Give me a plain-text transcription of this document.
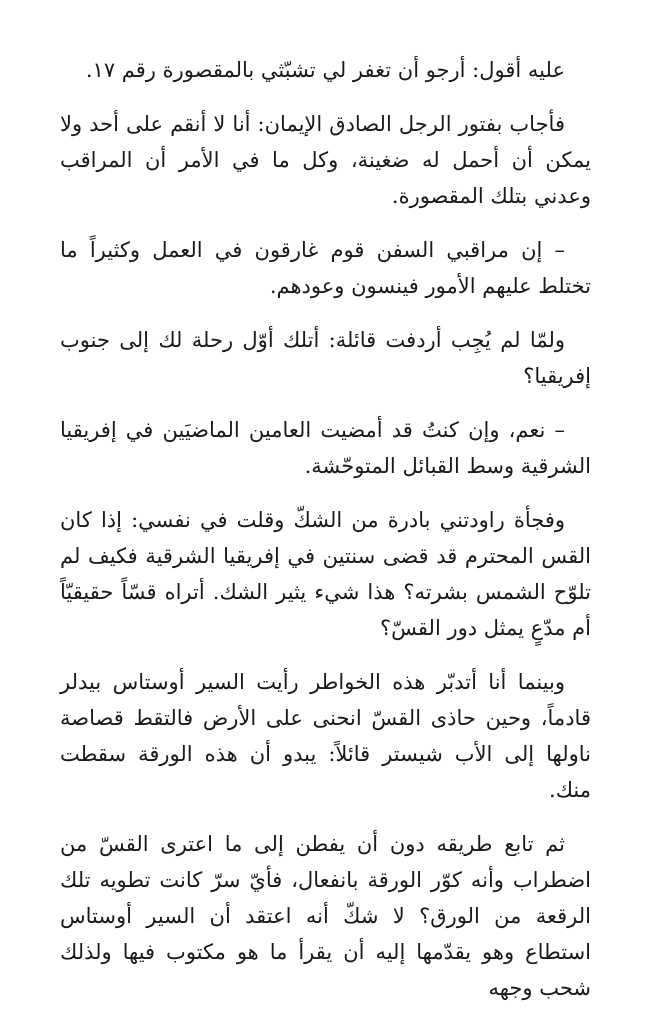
عليه أقول: أرجو أن تغفر لي تشبّثي بالمقصورة رقم ١٧.

فأجاب بفتور الرجل الصادق الإيمان: أنا لا أنقم على أحد ولا يمكن أن أحمل له ضغينة، وكل ما في الأمر أن المراقب وعدني بتلك المقصورة.

– إن مراقبي السفن قوم غارقون في العمل وكثيراً ما تختلط عليهم الأمور فينسون وعودهم.

ولمّا لم يُجِب أردفت قائلة: أتلك أوّل رحلة لك إلى جنوب إفريقيا؟

– نعم، وإن كنتُ قد أمضيت العامين الماضيَين في إفريقيا الشرقية وسط القبائل المتوحّشة.

وفجأة راودتني بادرة من الشكّ وقلت في نفسي: إذا كان القس المحترم قد قضى سنتين في إفريقيا الشرقية فكيف لم تلوّح الشمس بشرته؟ هذا شيء يثير الشك. أتراه قسّاً حقيقيّاً أم مدّعٍ يمثل دور القسّ؟

وبينما أنا أتدبّر هذه الخواطر رأيت السير أوستاس بيدلر قادماً، وحين حاذى القسّ انحنى على الأرض فالتقط قصاصة ناولها إلى الأب شيستر قائلاً: يبدو أن هذه الورقة سقطت منك.

ثم تابع طريقه دون أن يفطن إلى ما اعترى القسّ من اضطراب وأنه كوّر الورقة بانفعال، فأيّ سرّ كانت تطويه تلك الرقعة من الورق؟ لا شكّ أنه اعتقد أن السير أوستاس استطاع وهو يقدّمها إليه أن يقرأ ما هو مكتوب فيها ولذلك شحب وجهه
